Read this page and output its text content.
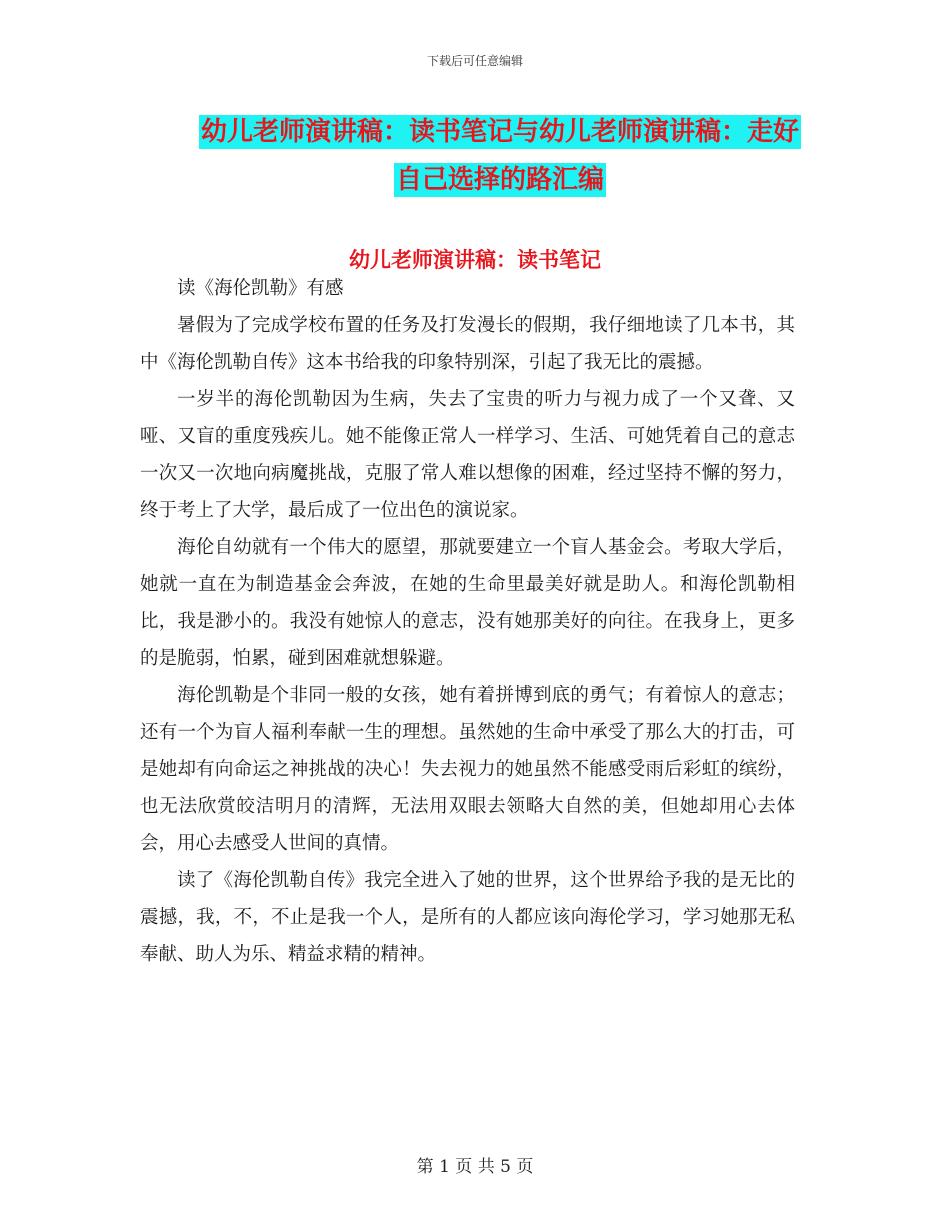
下载后可任意编辑
幼儿老师演讲稿：读书笔记与幼儿老师演讲稿：走好
自己选择的路汇编
幼儿老师演讲稿：读书笔记

读《海伦凯勒》有感

暑假为了完成学校布置的任务及打发漫长的假期，我仔细地读了几本书，其中《海伦凯勒自传》这本书给我的印象特别深，引起了我无比的震撼。

一岁半的海伦凯勒因为生病，失去了宝贵的听力与视力成了一个又聋、又哑、又盲的重度残疾儿。她不能像正常人一样学习、生活、可她凭着自己的意志一次又一次地向病魔挑战，克服了常人难以想像的困难，经过坚持不懈的努力，终于考上了大学，最后成了一位出色的演说家。

海伦自幼就有一个伟大的愿望，那就要建立一个盲人基金会。考取大学后，她就一直在为制造基金会奔波，在她的生命里最美好就是助人。和海伦凯勒相比，我是渺小的。我没有她惊人的意志，没有她那美好的向往。在我身上，更多的是脆弱，怕累，碰到困难就想躲避。

海伦凯勒是个非同一般的女孩，她有着拼博到底的勇气；有着惊人的意志；还有一个为盲人福利奉献一生的理想。虽然她的生命中承受了那么大的打击，可是她却有向命运之神挑战的决心！失去视力的她虽然不能感受雨后彩虹的缤纷，也无法欣赏皎洁明月的清辉，无法用双眼去领略大自然的美，但她却用心去体会，用心去感受人世间的真情。

读了《海伦凯勒自传》我完全进入了她的世界，这个世界给予我的是无比的震撼，我，不，不止是我一个人，是所有的人都应该向海伦学习，学习她那无私奉献、助人为乐、精益求精的精神。

第 1 页 共 5 页
